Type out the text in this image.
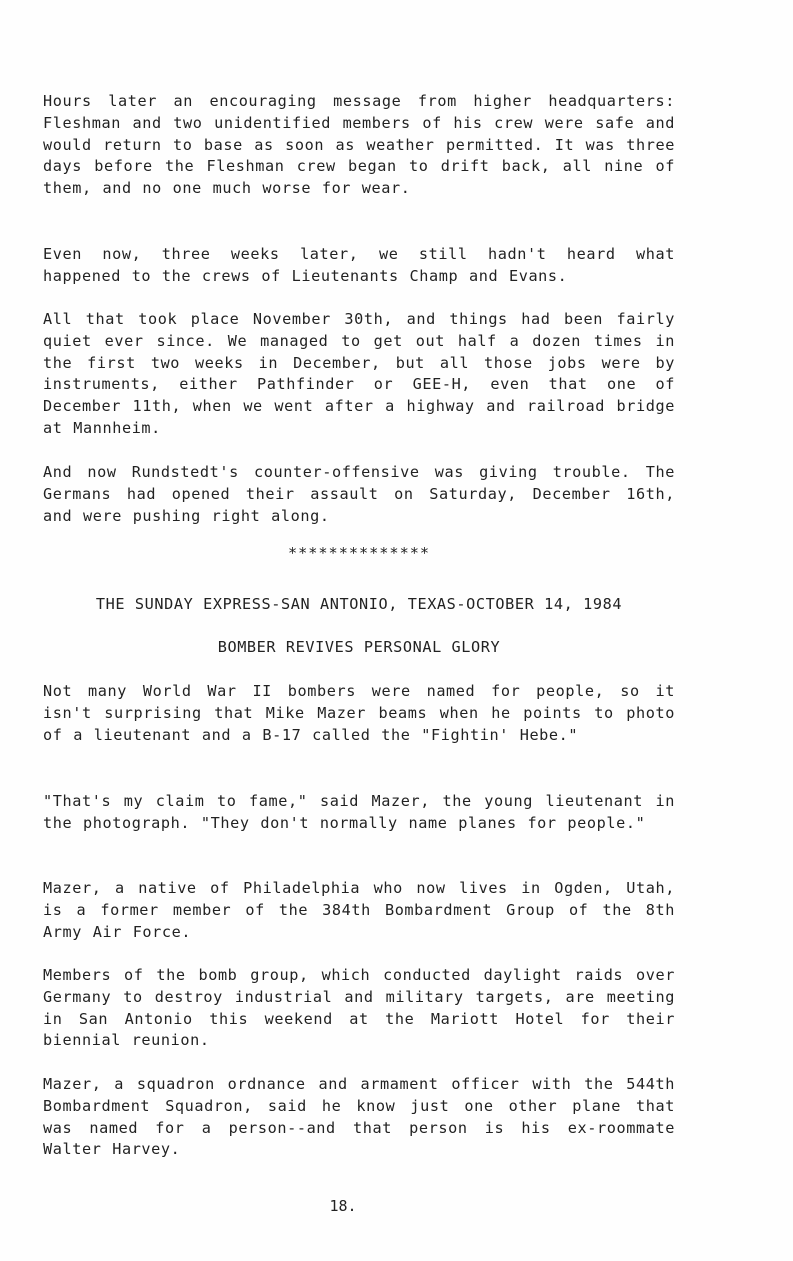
Hours later an encouraging message from higher headquarters: Fleshman and two unidentified members of his crew were safe and would return to base as soon as weather permitted. It was three days before the Fleshman crew began to drift back, all nine of them, and no one much worse for wear.
Even now, three weeks later, we still hadn't heard what happened to the crews of Lieutenants Champ and Evans.
All that took place November 30th, and things had been fairly quiet ever since. We managed to get out half a dozen times in the first two weeks in December, but all those jobs were by instruments, either Pathfinder or GEE-H, even that one of December 11th, when we went after a highway and railroad bridge at Mannheim.
And now Rundstedt's counter-offensive was giving trouble. The Germans had opened their assault on Saturday, December 16th, and were pushing right along.
**************
THE SUNDAY EXPRESS-SAN ANTONIO, TEXAS-OCTOBER 14, 1984
BOMBER REVIVES PERSONAL GLORY
Not many World War II bombers were named for people, so it isn't surprising that Mike Mazer beams when he points to photo of a lieutenant and a B-17 called the "Fightin' Hebe."
"That's my claim to fame," said Mazer, the young lieutenant in the photograph. "They don't normally name planes for people."
Mazer, a native of Philadelphia who now lives in Ogden, Utah, is a former member of the 384th Bombardment Group of the 8th Army Air Force.
Members of the bomb group, which conducted daylight raids over Germany to destroy industrial and military targets, are meeting in San Antonio this weekend at the Mariott Hotel for their biennial reunion.
Mazer, a squadron ordnance and armament officer with the 544th Bombardment Squadron, said he know just one other plane that was named for a person--and that person is his ex-roommate Walter Harvey.
18.
